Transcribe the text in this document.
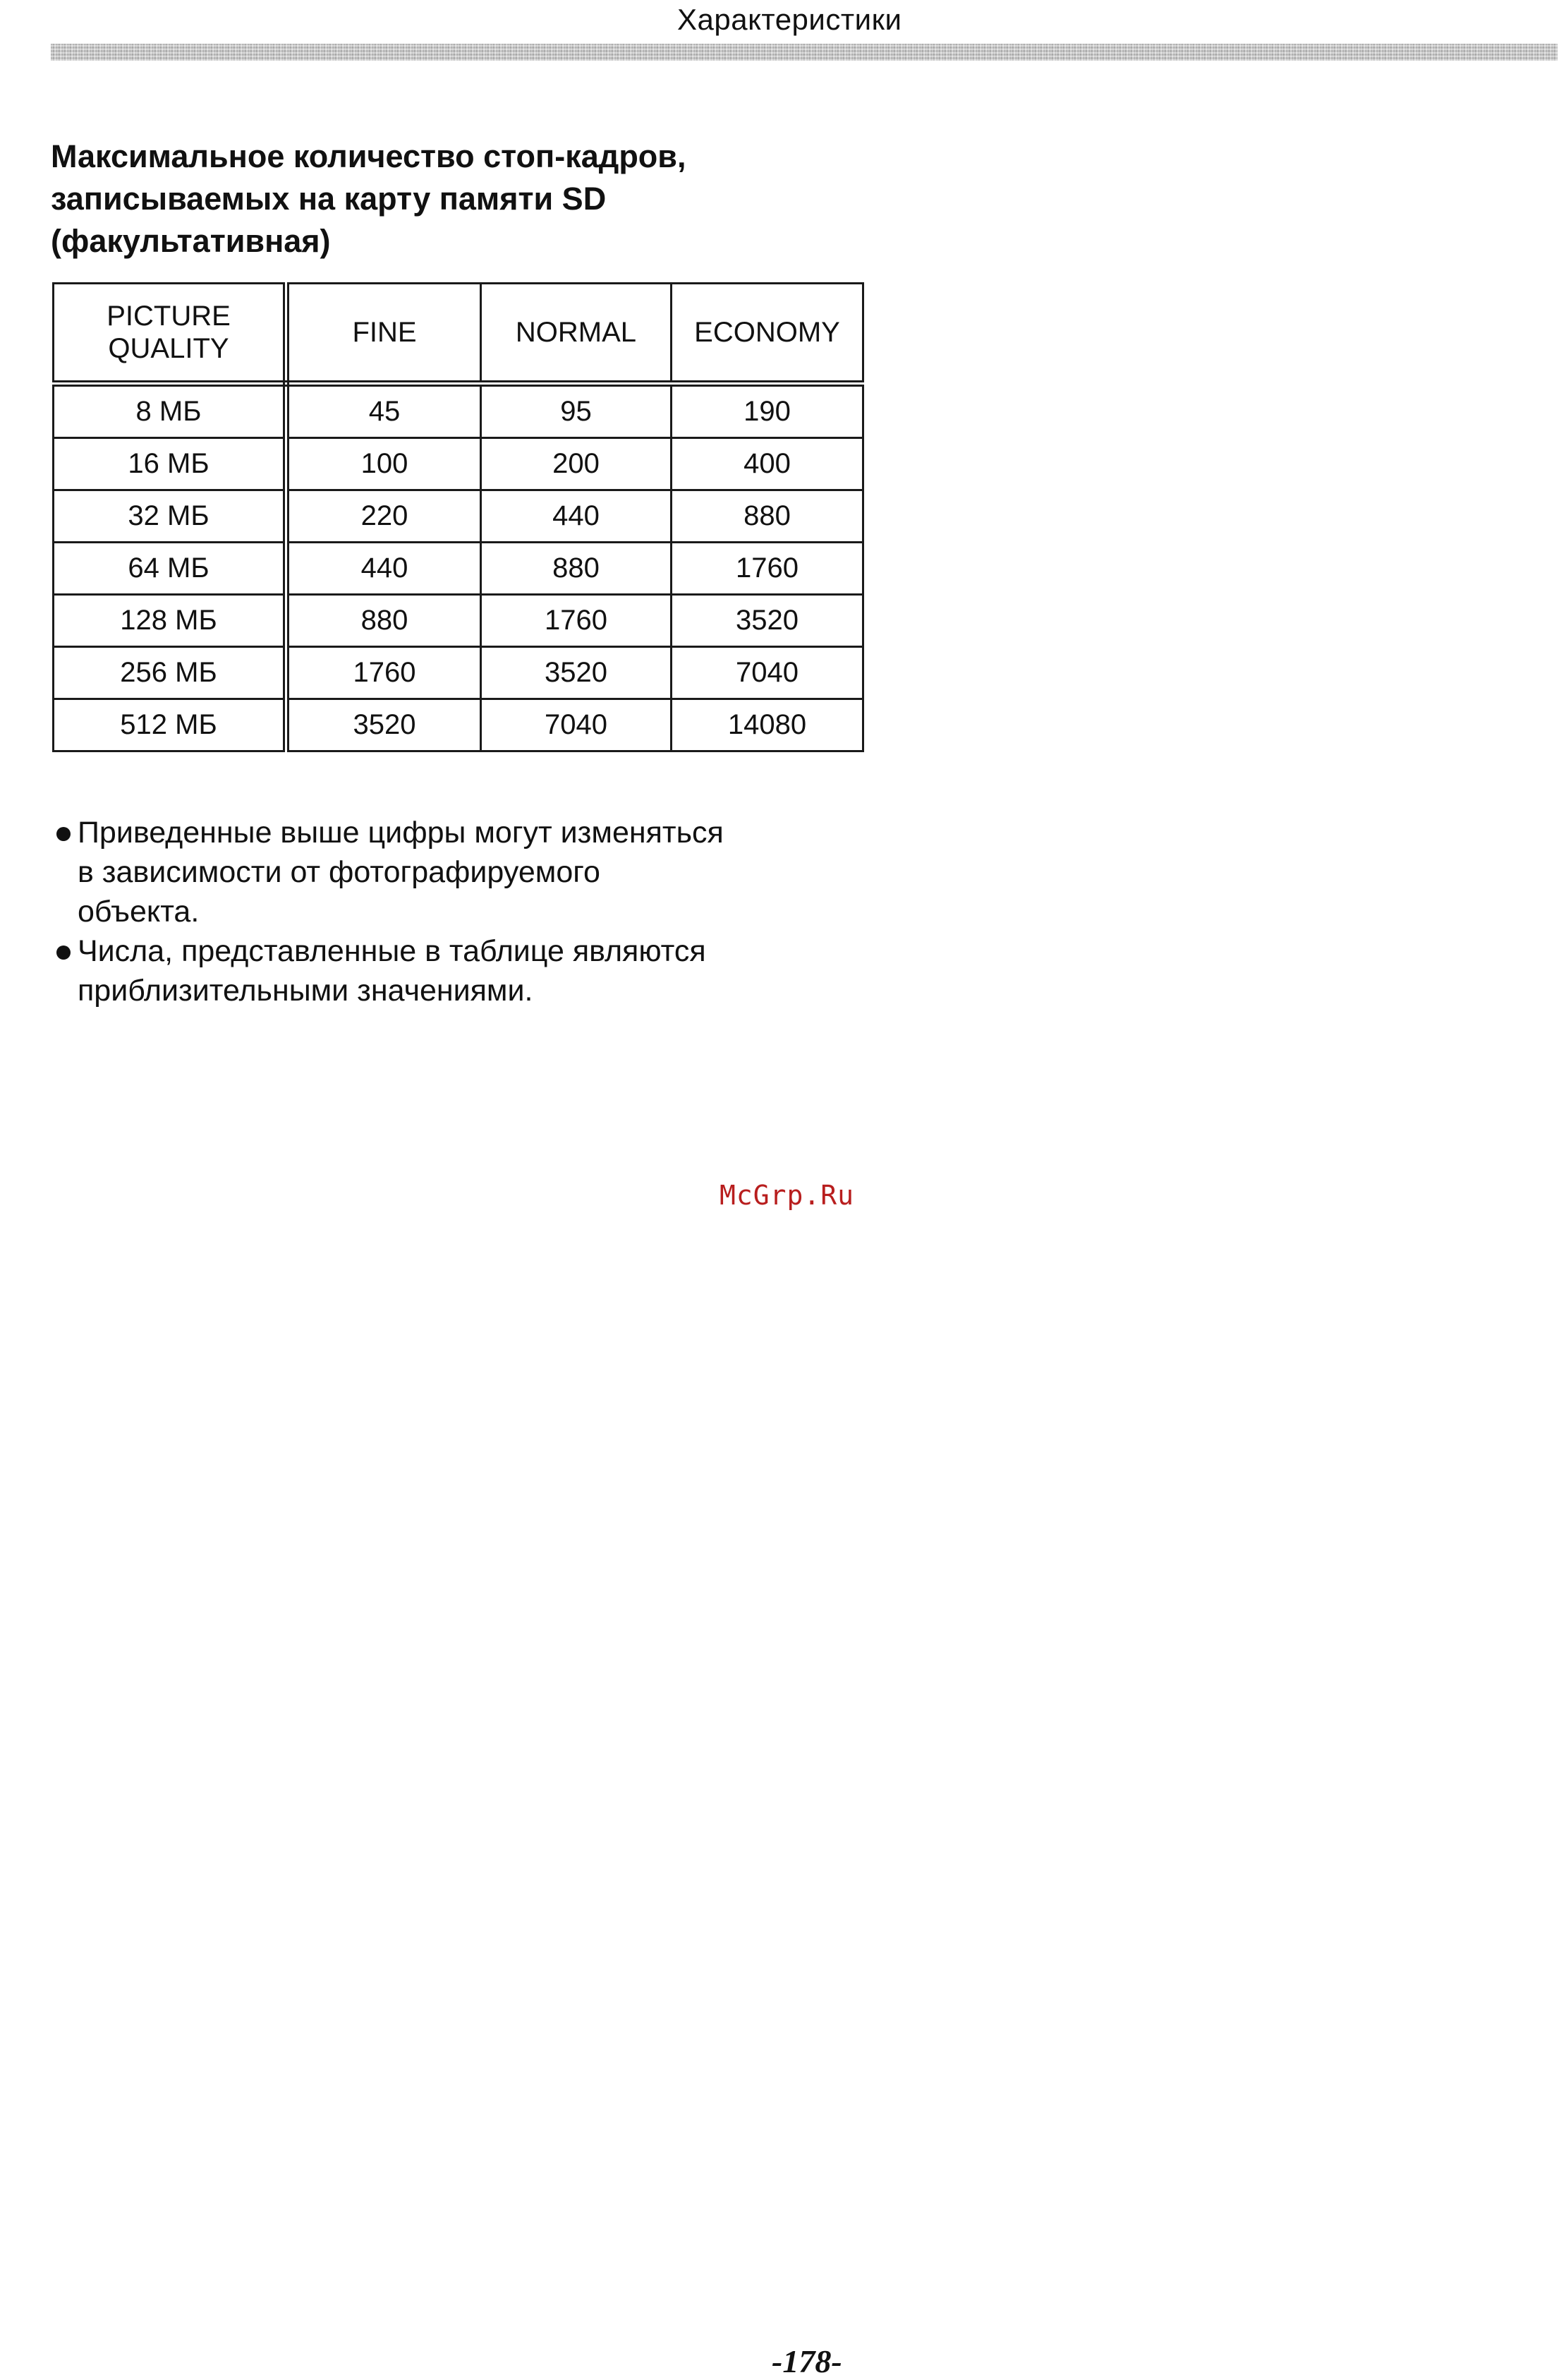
Характеристики
Максимальное количество стоп-кадров,
записываемых на карту памяти SD
(факультативная)
PICTURE
QUALITY	FINE	NORMAL	ECONOMY
8 МБ	45	95	190
16 МБ	100	200	400
32 МБ	220	440	880
64 МБ	440	880	1760
128 МБ	880	1760	3520
256 МБ	1760	3520	7040
512 МБ	3520	7040	14080
Приведенные выше цифры могут изменяться
в зависимости от фотографируемого
объекта.
Числа, представленные в таблице являются
приблизительными значениями.
McGrp.Ru
-178-
